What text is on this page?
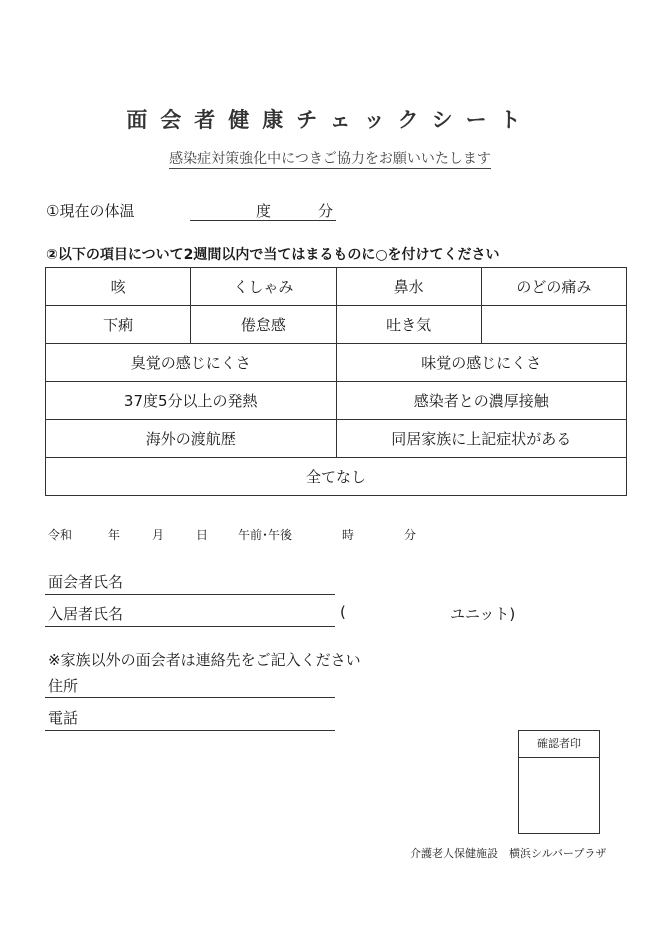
面会者健康チェックシート
感染症対策強化中につきご協力をお願いいたします
①現在の体温	度	分
②以下の項目について2週間以内で当てはまるものに○を付けてください
咳	くしゃみ	鼻水	のどの痛み
下痢	倦怠感	吐き気	
臭覚の感じにくさ		味覚の感じにくさ	
37度5分以上の発熱		感染者との濃厚接触	
海外の渡航歴		同居家族に上記症状がある	
全てなし			
令和	年	月	日 午前･午後	時	分
面会者氏名
入居者氏名	(	ユニット)
※家族以外の面会者は連絡先をご記入ください
住所
電話
確認者印
介護老人保健施設　横浜シルバープラザ
